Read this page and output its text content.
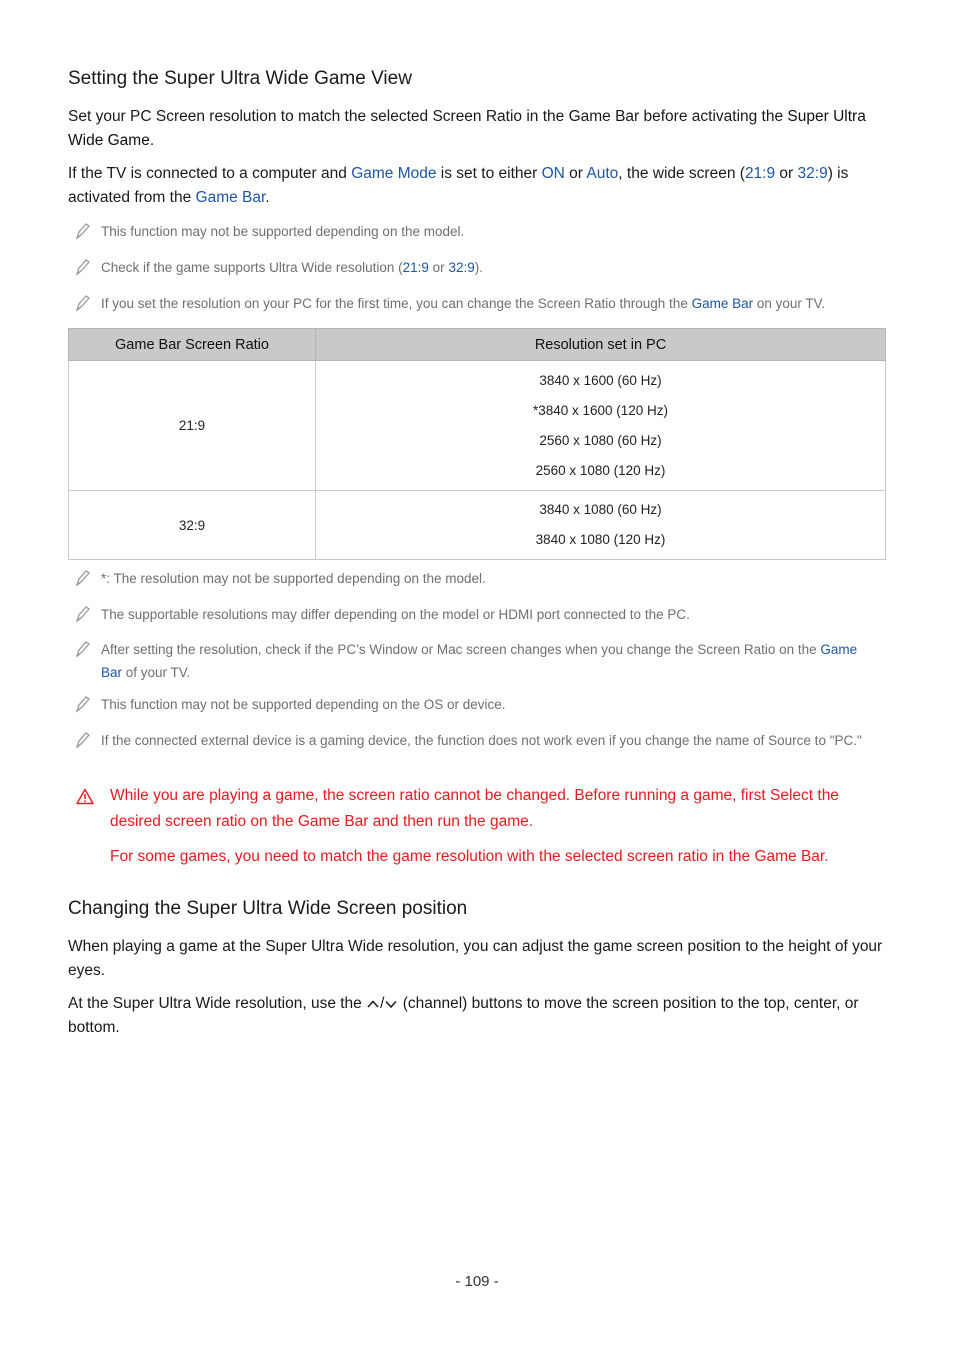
Setting the Super Ultra Wide Game View
Set your PC Screen resolution to match the selected Screen Ratio in the Game Bar before activating the Super Ultra Wide Game.
If the TV is connected to a computer and Game Mode is set to either ON or Auto, the wide screen (21:9 or 32:9) is activated from the Game Bar.
This function may not be supported depending on the model.
Check if the game supports Ultra Wide resolution (21:9 or 32:9).
If you set the resolution on your PC for the first time, you can change the Screen Ratio through the Game Bar on your TV.
Game Bar Screen Ratio	Resolution set in PC
21:9	3840 x 1600 (60 Hz)
*3840 x 1600 (120 Hz)
2560 x 1080 (60 Hz)
2560 x 1080 (120 Hz)

32:9	3840 x 1080 (60 Hz)
3840 x 1080 (120 Hz)
*: The resolution may not be supported depending on the model.
The supportable resolutions may differ depending on the model or HDMI port connected to the PC.
After setting the resolution, check if the PC’s Window or Mac screen changes when you change the Screen Ratio on the Game Bar of your TV.
This function may not be supported depending on the OS or device.
If the connected external device is a gaming device, the function does not work even if you change the name of Source to "PC."
While you are playing a game, the screen ratio cannot be changed. Before running a game, first Select the desired screen ratio on the Game Bar and then run the game.
For some games, you need to match the game resolution with the selected screen ratio in the Game Bar.
Changing the Super Ultra Wide Screen position
When playing a game at the Super Ultra Wide resolution, you can adjust the game screen position to the height of your eyes.
At the Super Ultra Wide resolution, use the / (channel) buttons to move the screen position to the top, center, or bottom.
- 109 -
